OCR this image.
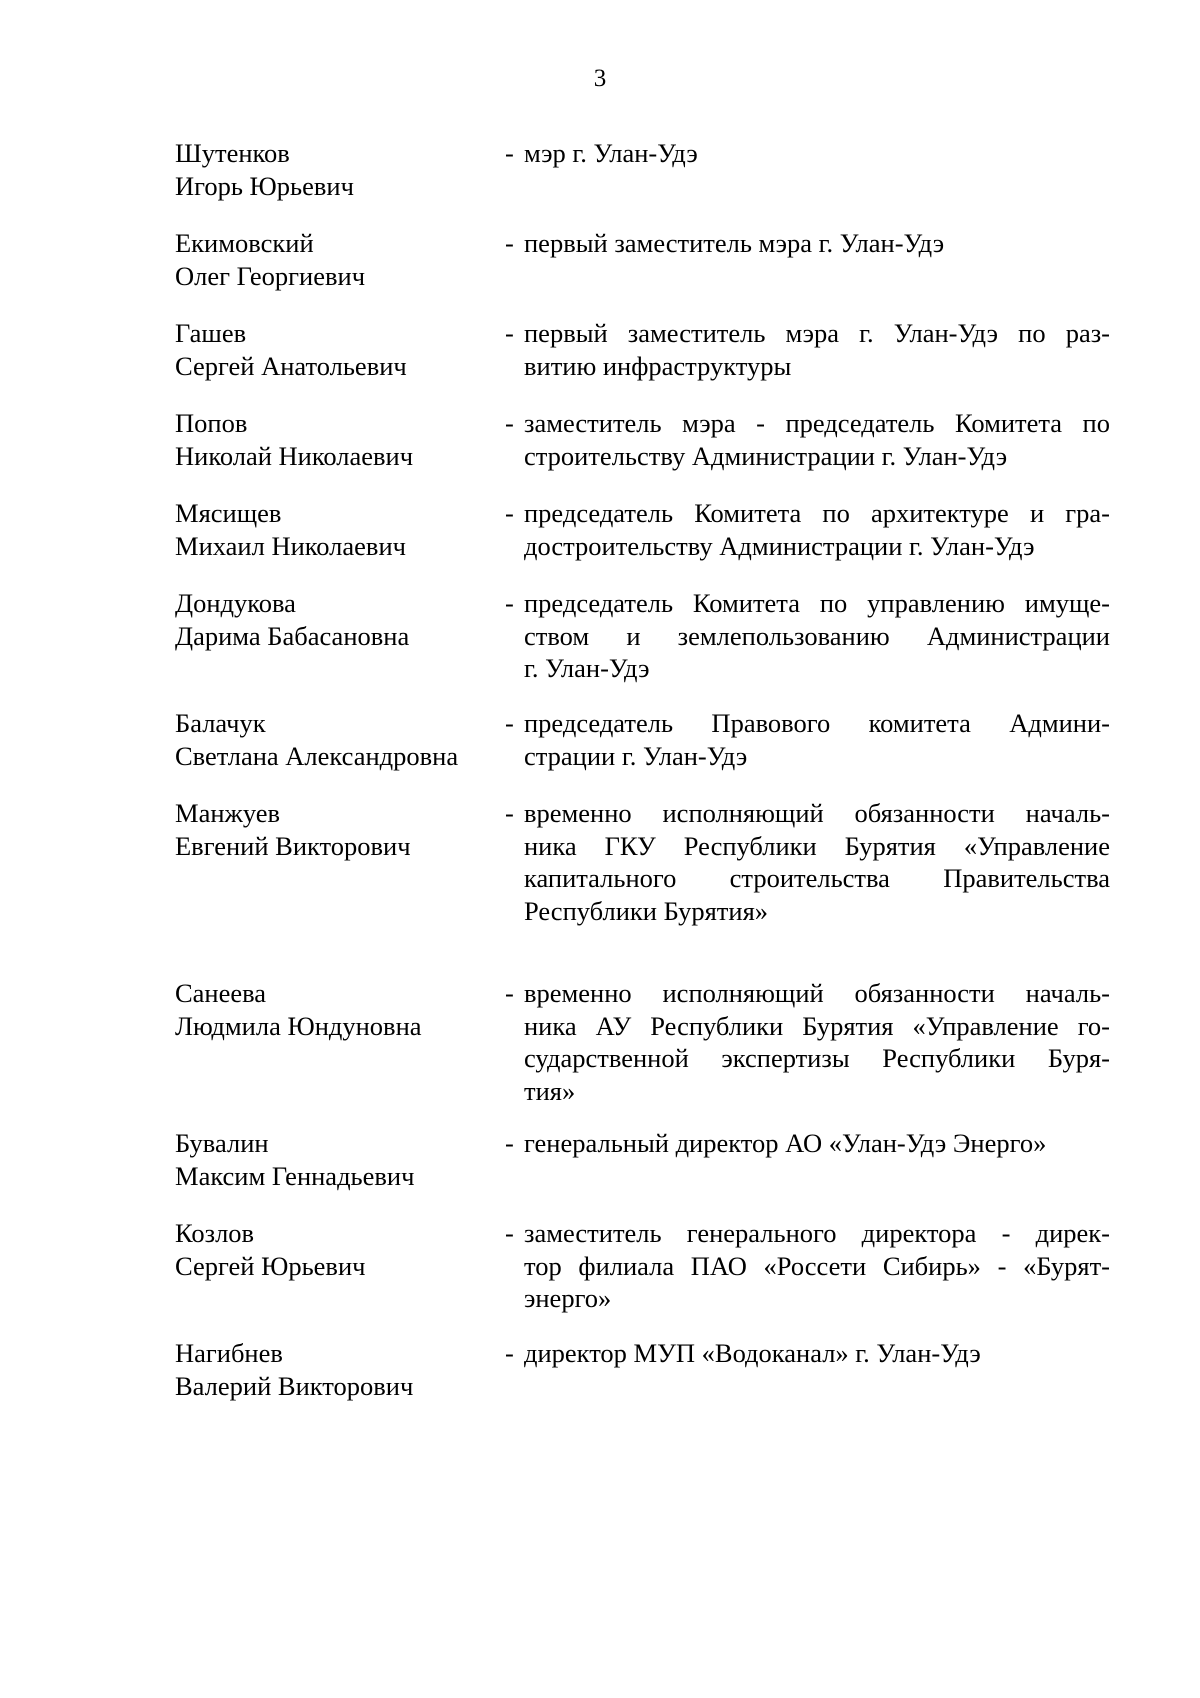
3
Шутенков
Игорь Юрьевич
- мэр г. Улан-Удэ
Екимовский
Олег Георгиевич
- первый заместитель мэра г. Улан-Удэ
Гашев
Сергей Анатольевич
- первый заместитель мэра г. Улан-Удэ по раз-
витию инфраструктуры
Попов
Николай Николаевич
- заместитель мэра - председатель Комитета по
строительству Администрации г. Улан-Удэ
Мясищев
Михаил Николаевич
- председатель Комитета по архитектуре и гра-
достроительству Администрации г. Улан-Удэ
Дондукова
Дарима Бабасановна
- председатель Комитета по управлению имуще-
ством и землепользованию Администрации
г. Улан-Удэ
Балачук
Светлана Александровна
- председатель Правового комитета Админи-
страции г. Улан-Удэ
Манжуев
Евгений Викторович
- временно исполняющий обязанности началь-
ника ГКУ Республики Бурятия «Управление
капитального строительства Правительства
Республики Бурятия»
Санеева
Людмила Юндуновна
- временно исполняющий обязанности началь-
ника АУ Республики Бурятия «Управление го-
сударственной экспертизы Республики Буря-
тия»
Бувалин
Максим Геннадьевич
- генеральный директор АО «Улан-Удэ Энерго»
Козлов
Сергей Юрьевич
- заместитель генерального директора - дирек-
тор филиала ПАО «Россети Сибирь» - «Бурят-
энерго»
Нагибнев
Валерий Викторович
- директор МУП «Водоканал» г. Улан-Удэ
